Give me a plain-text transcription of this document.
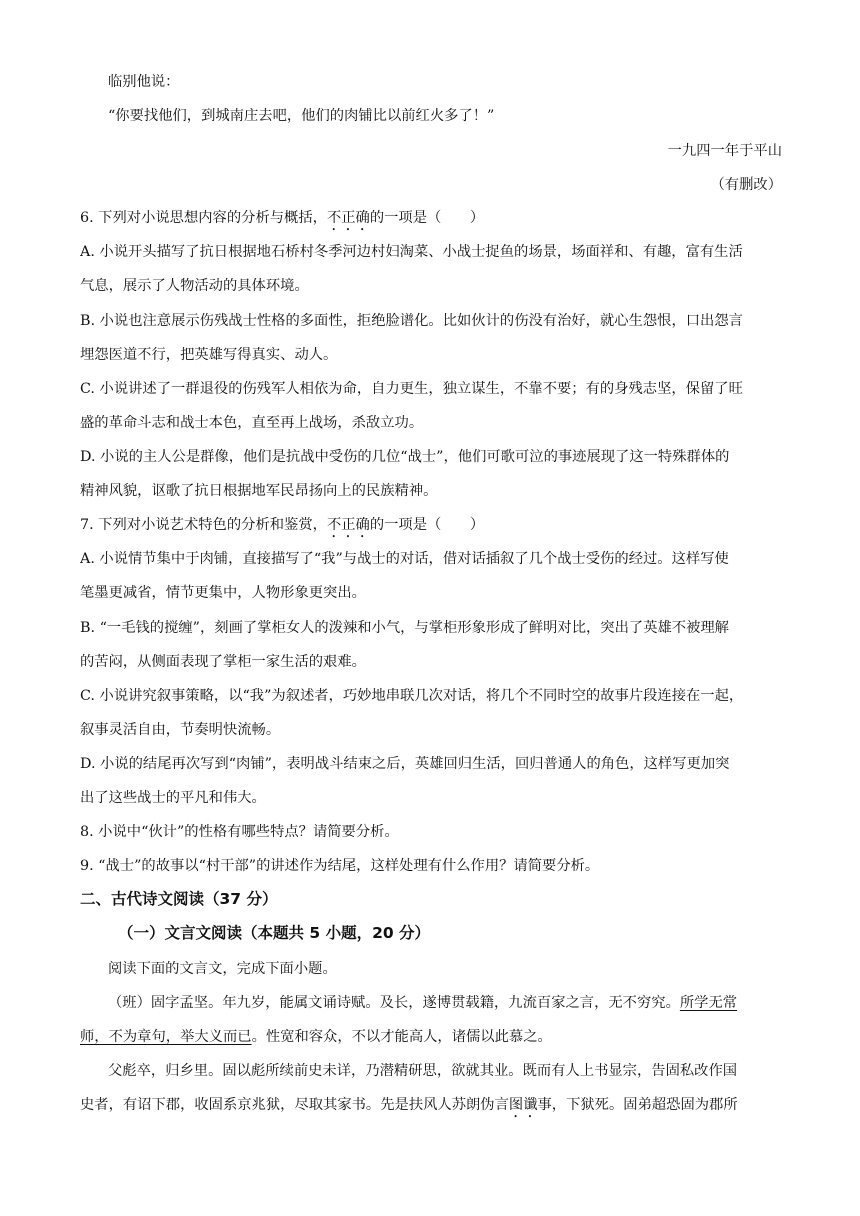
临别他说：
“你要找他们，到城南庄去吧，他们的肉铺比以前红火多了！”
一九四一年于平山
（有删改）
6. 下列对小说思想内容的分析与概括，不正确的一项是（　　）
A. 小说开头描写了抗日根据地石桥村冬季河边村妇淘菜、小战士捉鱼的场景，场面祥和、有趣，富有生活
气息，展示了人物活动的具体环境。
B. 小说也注意展示伤残战士性格的多面性，拒绝脸谱化。比如伙计的伤没有治好，就心生怨恨，口出怨言
埋怨医道不行，把英雄写得真实、动人。
C. 小说讲述了一群退役的伤残军人相依为命，自力更生，独立谋生，不靠不要；有的身残志坚，保留了旺
盛的革命斗志和战士本色，直至再上战场，杀敌立功。
D. 小说的主人公是群像，他们是抗战中受伤的几位“战士”，他们可歌可泣的事迹展现了这一特殊群体的
精神风貌，讴歌了抗日根据地军民昂扬向上的民族精神。
7. 下列对小说艺术特色的分析和鉴赏，不正确的一项是（　　）
A. 小说情节集中于肉铺，直接描写了“我”与战士的对话，借对话插叙了几个战士受伤的经过。这样写使
笔墨更减省，情节更集中，人物形象更突出。
B. “一毛钱的搅缠”，刻画了掌柜女人的泼辣和小气，与掌柜形象形成了鲜明对比，突出了英雄不被理解
的苦闷，从侧面表现了掌柜一家生活的艰难。
C. 小说讲究叙事策略，以“我”为叙述者，巧妙地串联几次对话，将几个不同时空的故事片段连接在一起，
叙事灵活自由，节奏明快流畅。
D. 小说的结尾再次写到“肉铺”，表明战斗结束之后，英雄回归生活，回归普通人的角色，这样写更加突
出了这些战士的平凡和伟大。
8. 小说中“伙计”的性格有哪些特点？请简要分析。
9. “战士”的故事以“村干部”的讲述作为结尾，这样处理有什么作用？请简要分析。
二、古代诗文阅读（37 分）
（一）文言文阅读（本题共 5 小题，20 分）
阅读下面的文言文，完成下面小题。
（班）固字孟坚。年九岁，能属文诵诗赋。及长，遂博贯载籍，九流百家之言，无不穷究。所学无常
师，不为章句，举大义而已。性宽和容众，不以才能高人，诸儒以此慕之。
父彪卒，归乡里。固以彪所续前史未详，乃潜精研思，欲就其业。既而有人上书显宗，告固私改作国
史者，有诏下郡，收固系京兆狱，尽取其家书。先是扶风人苏朗伪言图谶事，下狱死。固弟超恐固为郡所
